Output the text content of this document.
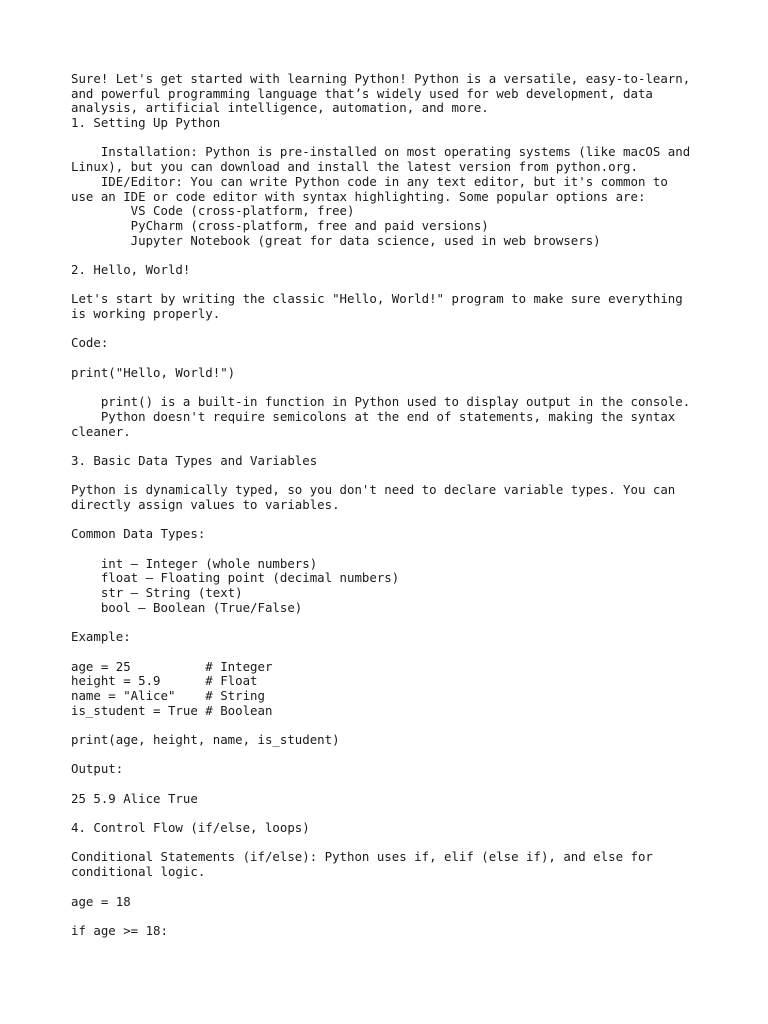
Sure! Let's get started with learning Python! Python is a versatile, easy-to-learn,
and powerful programming language that’s widely used for web development, data
analysis, artificial intelligence, automation, and more.
1. Setting Up Python
Installation: Python is pre-installed on most operating systems (like macOS and
Linux), but you can download and install the latest version from python.org.
IDE/Editor: You can write Python code in any text editor, but it's common to
use an IDE or code editor with syntax highlighting. Some popular options are:
VS Code (cross-platform, free)
PyCharm (cross-platform, free and paid versions)
Jupyter Notebook (great for data science, used in web browsers)
2. Hello, World!
Let's start by writing the classic "Hello, World!" program to make sure everything
is working properly.
Code:
print("Hello, World!")
print() is a built-in function in Python used to display output in the console.
Python doesn't require semicolons at the end of statements, making the syntax
cleaner.
3. Basic Data Types and Variables
Python is dynamically typed, so you don't need to declare variable types. You can
directly assign values to variables.
Common Data Types:
int – Integer (whole numbers)
float – Floating point (decimal numbers)
str – String (text)
bool – Boolean (True/False)
Example:
age = 25          # Integer
height = 5.9      # Float
name = "Alice"    # String
is_student = True # Boolean
print(age, height, name, is_student)
Output:
25 5.9 Alice True
4. Control Flow (if/else, loops)
Conditional Statements (if/else): Python uses if, elif (else if), and else for
conditional logic.
age = 18
if age >= 18:
